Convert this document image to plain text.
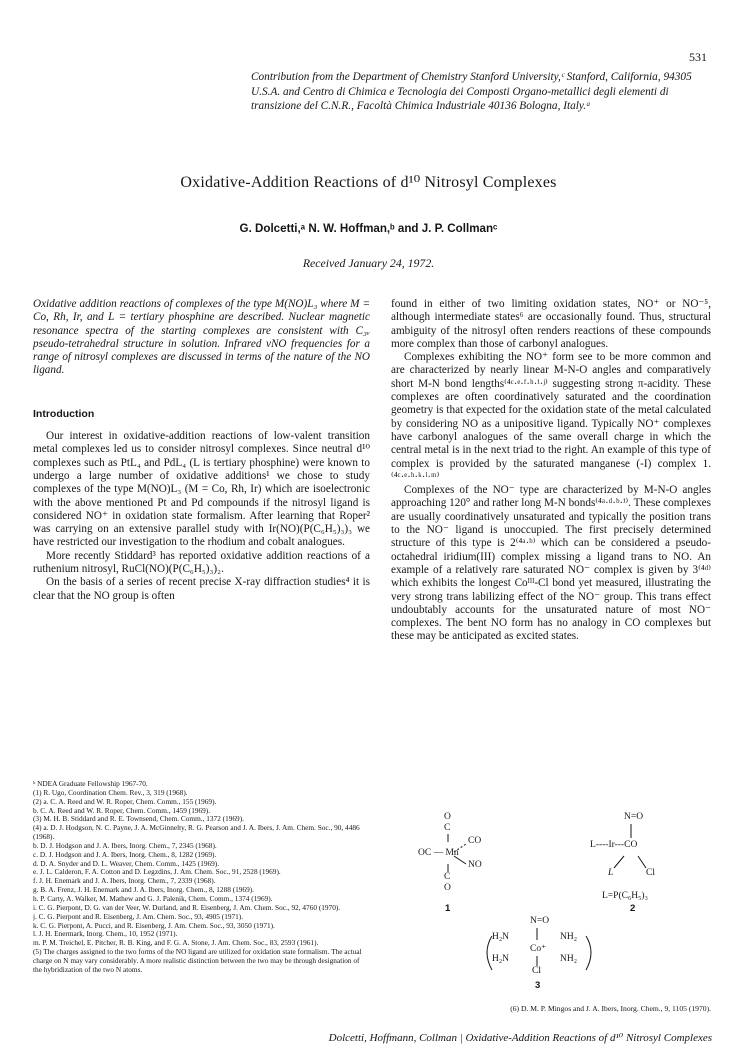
531
Contribution from the Department of Chemistry Stanford University,ᶜ Stanford, California, 94305 U.S.A. and Centro di Chimica e Tecnologia dei Composti Organo-metallici degli elementi di transizione del C.N.R., Facoltà Chimica Industriale 40136 Bologna, Italy.ᵃ
Oxidative-Addition Reactions of d¹⁰ Nitrosyl Complexes
G. Dolcetti,ᵃ N. W. Hoffman,ᵇ and J. P. Collmanᶜ
Received January 24, 1972.

Oxidative addition reactions of complexes of the type M(NO)L₃ where M = Co, Rh, Ir, and L = tertiary phosphine are described. Nuclear magnetic resonance spectra of the starting complexes are consistent with C₃ᵥ pseudo-tetrahedral structure in solution. Infrared νNO frequencies for a range of nitrosyl complexes are discussed in terms of the nature of the NO ligand.

Introduction

Our interest in oxidative-addition reactions of low-valent transition metal complexes led us to consider nitrosyl complexes. Since neutral d¹⁰ complexes such as PtL₄ and PdL₄ (L is tertiary phosphine) were known to undergo a large number of oxidative additions¹ we chose to study complexes of the type M(NO)L₃ (M = Co, Rh, Ir) which are isoelectronic with the above mentioned Pt and Pd compounds if the nitrosyl ligand is considered NO⁺ in oxidation state formalism. After learning that Roper² was carrying on an extensive parallel study with Ir(NO)(P(C₆H₅)₃)₃ we have restricted our investigation to the rhodium and cobalt analogues.

More recently Stiddard³ has reported oxidative addition reactions of a ruthenium nitrosyl, RuCl(NO)(P(C₆H₅)₃)₂.

On the basis of a series of recent precise X-ray diffraction studies⁴ it is clear that the NO group is often

found in either of two limiting oxidation states, NO⁺ or NO⁻⁵, although intermediate states⁶ are occasionally found. Thus, structural ambiguity of the nitrosyl often renders reactions of these compounds more complex than those of carbonyl analogues.

Complexes exhibiting the NO⁺ form see to be more common and are characterized by nearly linear M-N-O angles and comparatively short M-N bond lengths⁽⁴ᶜ·ᵉ·ᶠ·ʰ·ⁱ·ʲ⁾ suggesting strong π-acidity. These complexes are often coordinatively saturated and the coordination geometry is that expected for the oxidation state of the metal calculated by considering NO as a unipositive ligand. Typically NO⁺ complexes have carbonyl analogues of the same overall charge in which the central metal is in the next triad to the right. An example of this type of complex is provided by the saturated manganese (-I) complex 1.⁽⁴ᶜ·ᵉ·ʰ·ᵏ·ˡ·ᵐ⁾

Complexes of the NO⁻ type are characterized by M-N-O angles approaching 120° and rather long M-N bonds⁽⁴ᵃ·ᵈ·ᵇ·ⁱ⁾. These complexes are usually coordinatively unsaturated and typically the position trans to the NO⁻ ligand is unoccupied. The first precisely determined structure of this type is 2⁽⁴ᵃ·ᵇ⁾ which can be considered a pseudo-octahedral iridium(III) complex missing a ligand trans to NO. An example of a relatively rare saturated NO⁻ complex is given by 3⁽⁴ᵈ⁾ which exhibits the longest Coᴵᴵᴵ-Cl bond yet measured, illustrating the very strong trans labilizing effect of the NO⁻ group. This trans effect undoubtably accounts for the unsaturated nature of most NO⁻ complexes. The bent NO form has no analogy in CO complexes but these may be anticipated as excited states.

ᵇ NDEA Graduate Fellowship 1967-70.
(1) R. Ugo, Coordination Chem. Rev., 3, 319 (1968).
(2) a. C. A. Reed and W. R. Roper, Chem. Comm., 155 (1969).
b. C. A. Reed and W. R. Roper, Chem. Comm., 1459 (1969).
(3) M. H. B. Stiddard and R. E. Townsend, Chem. Comm., 1372 (1969).
(4) a. D. J. Hodgson, N. C. Payne, J. A. McGinnelty, R. G. Pearson and J. A. Ibers, J. Am. Chem. Soc., 90, 4486 (1968).
b. D. J. Hodgson and J. A. Ibers, Inorg. Chem., 7, 2345 (1968).
c. D. J. Hodgson and J. A. Ibers, Inorg. Chem., 8, 1282 (1969).
d. D. A. Snyder and D. L. Weaver, Chem. Comm., 1425 (1969).
e. J. L. Calderon, F. A. Cotton and D. Legzdins, J. Am. Chem. Soc., 91, 2528 (1969).
f. J. H. Enemark and J. A. Ibers, Inorg. Chem., 7, 2339 (1968).
g. B. A. Frenz, J. H. Enemark and J. A. Ibers, Inorg. Chem., 8, 1288 (1969).
h. P. Carty, A. Walker, M. Mathew and G. J. Palenik, Chem. Comm., 1374 (1969).
i. C. G. Pierpont, D. G. van der Veer, W. Durland, and R. Eisenberg, J. Am. Chem. Soc., 92, 4760 (1970).
j. C. G. Pierpont and R. Eisenberg, J. Am. Chem. Soc., 93, 4905 (1971).
k. C. G. Pierpont, A. Pucci, and R. Eisenberg, J. Am. Chem. Soc., 93, 3050 (1971).
l. J. H. Enermark, Inorg. Chem., 10, 1952 (1971).
m. P. M. Treichel, E. Pitcher, R. B. King, and F. G. A. Stone, J. Am. Chem. Soc., 83, 2593 (1961).
(5) The charges assigned to the two forms of the NO ligand are utilized for oxidation state formalism. The actual charge on N may vary considerably. A more realistic distinction between the two may be through designation of the hybridization of the two N atoms.
O
C
OC — Mn
CO
NO
C
O
1
N=O
L----Ir---CO
L	Cl
L=P(C₆H₅)₃
2
N=O
H₂N	NH₂
Co⁺
H₂N	NH₂
Cl
3
(6) D. M. P. Mingos and J. A. Ibers, Inorg. Chem., 9, 1105 (1970).
Dolcetti, Hoffmann, Collman | Oxidative-Addition Reactions of d¹⁰ Nitrosyl Complexes
